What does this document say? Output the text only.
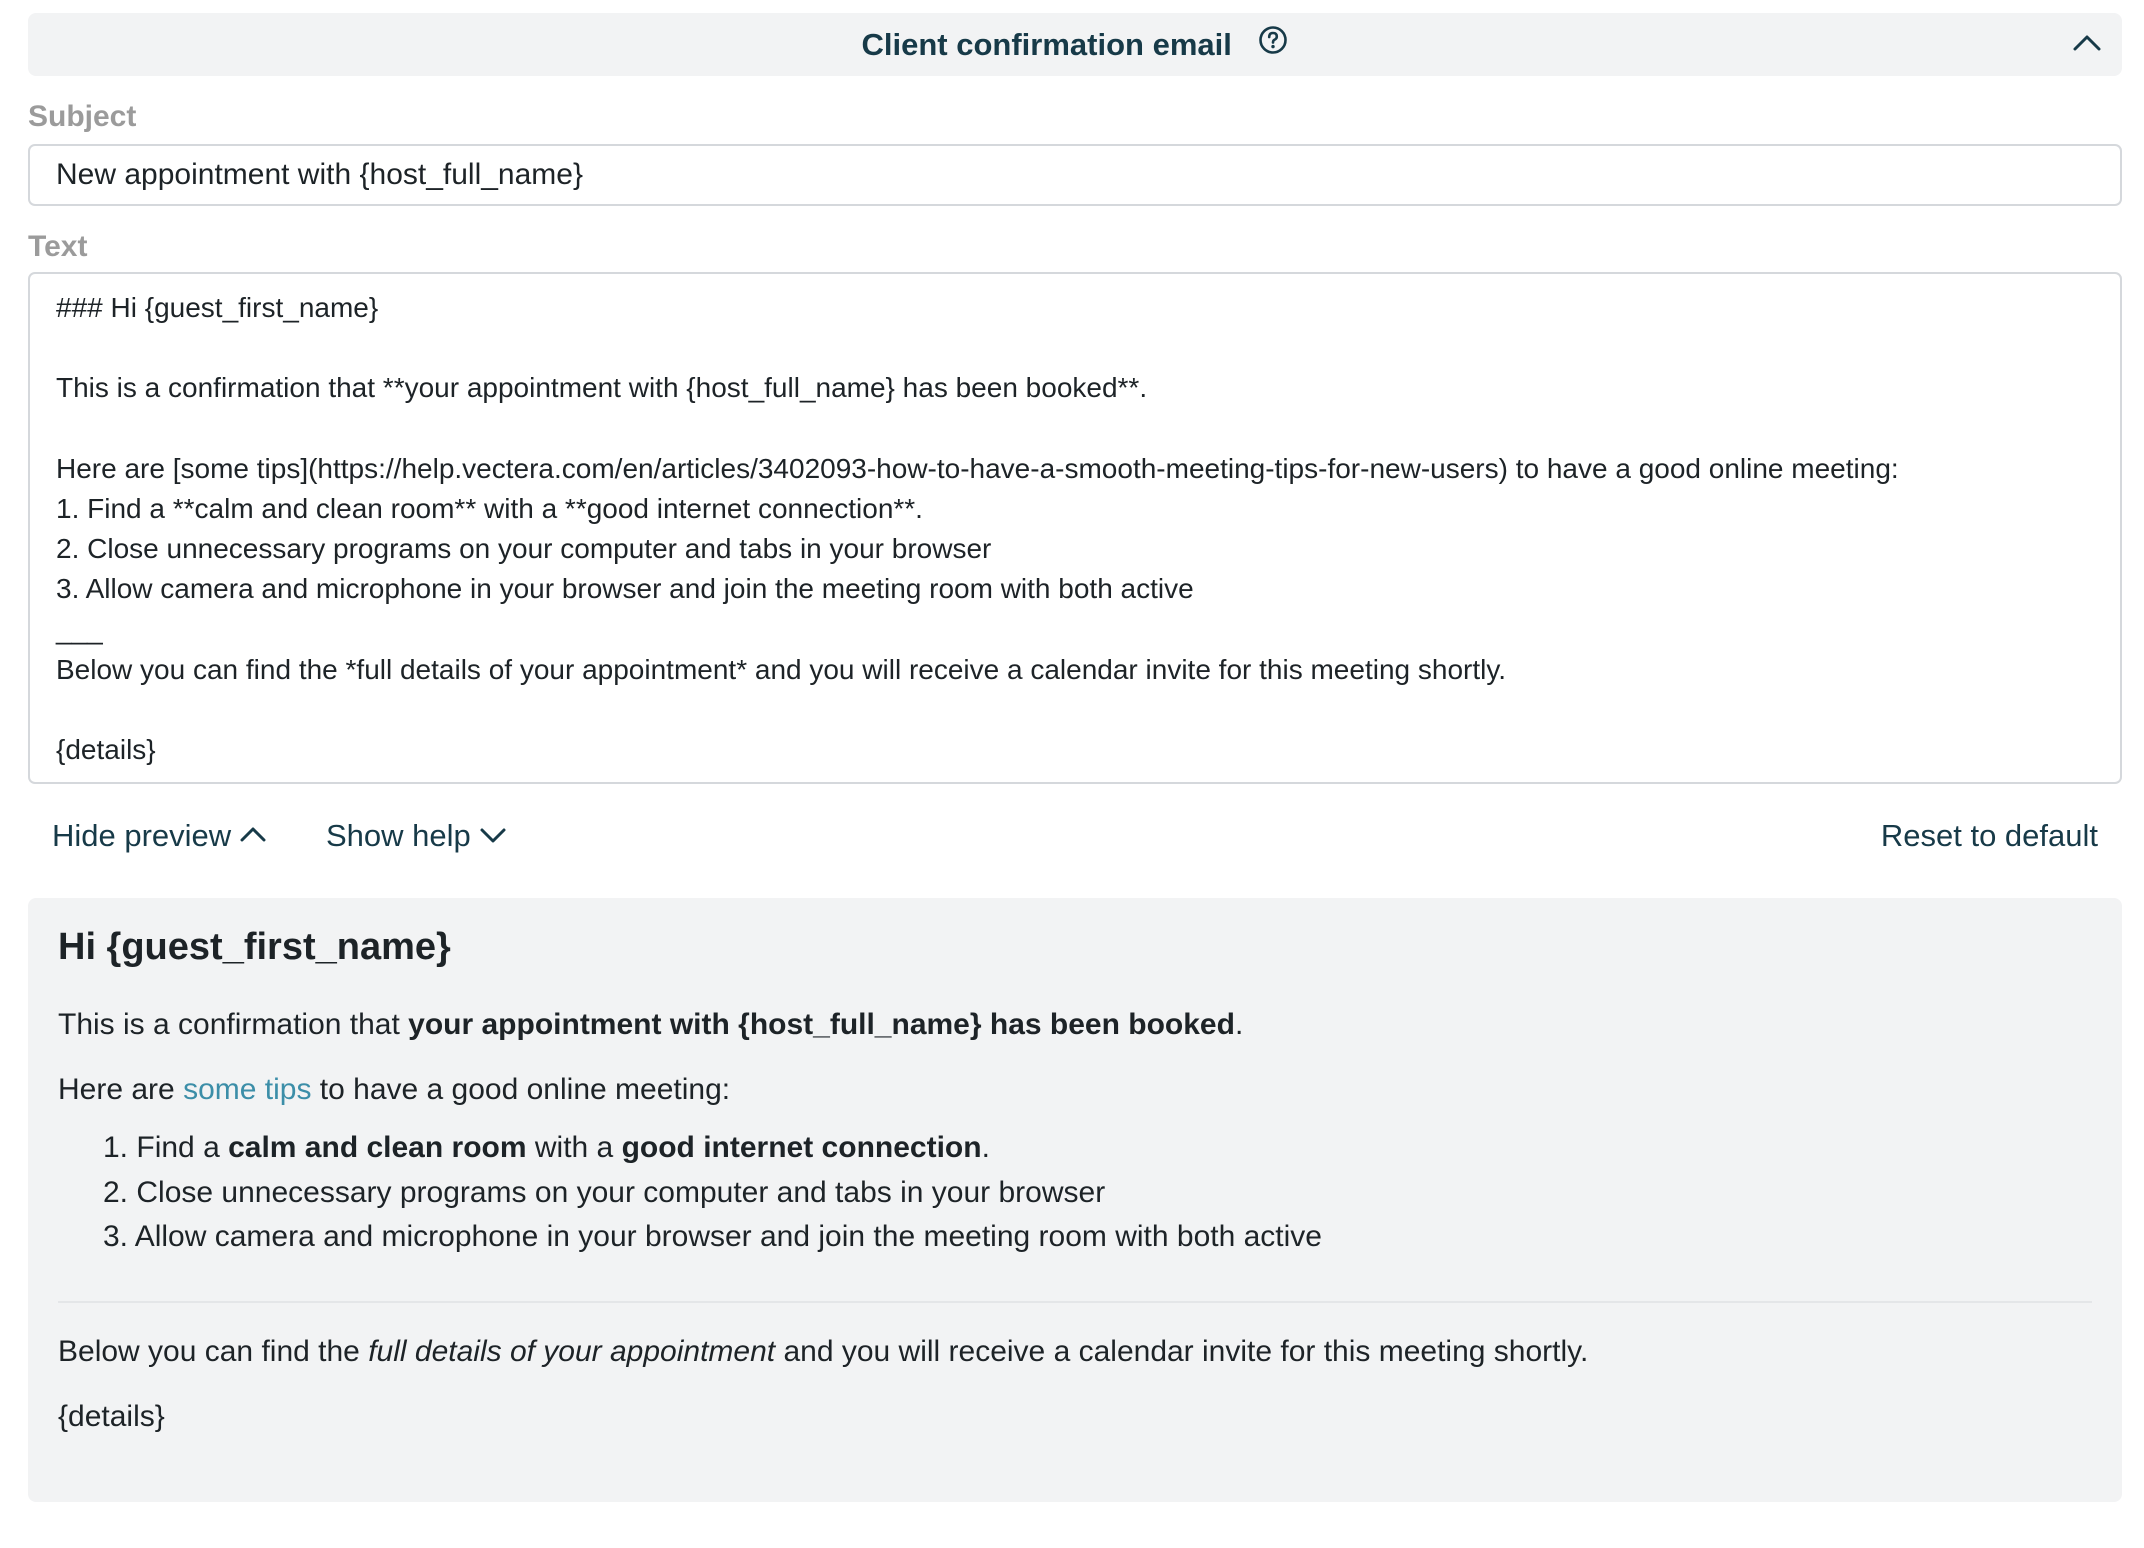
Client confirmation email
Subject
New appointment with {host_full_name}
Text
### Hi {guest_first_name}

This is a confirmation that **your appointment with {host_full_name} has been booked**.

Here are [some tips](https://help.vectera.com/en/articles/3402093-how-to-have-a-smooth-meeting-tips-for-new-users) to have a good online meeting:
1. Find a **calm and clean room** with a **good internet connection**.
2. Close unnecessary programs on your computer and tabs in your browser
3. Allow camera and microphone in your browser and join the meeting room with both active
___
Below you can find the *full details of your appointment* and you will receive a calendar invite for this meeting shortly.

{details}
Hide preview	Show help	Reset to default
Hi {guest_first_name}
This is a confirmation that your appointment with {host_full_name} has been booked.
Here are some tips to have a good online meeting:
1. Find a calm and clean room with a good internet connection.
2. Close unnecessary programs on your computer and tabs in your browser
3. Allow camera and microphone in your browser and join the meeting room with both active
Below you can find the full details of your appointment and you will receive a calendar invite for this meeting shortly.
{details}
